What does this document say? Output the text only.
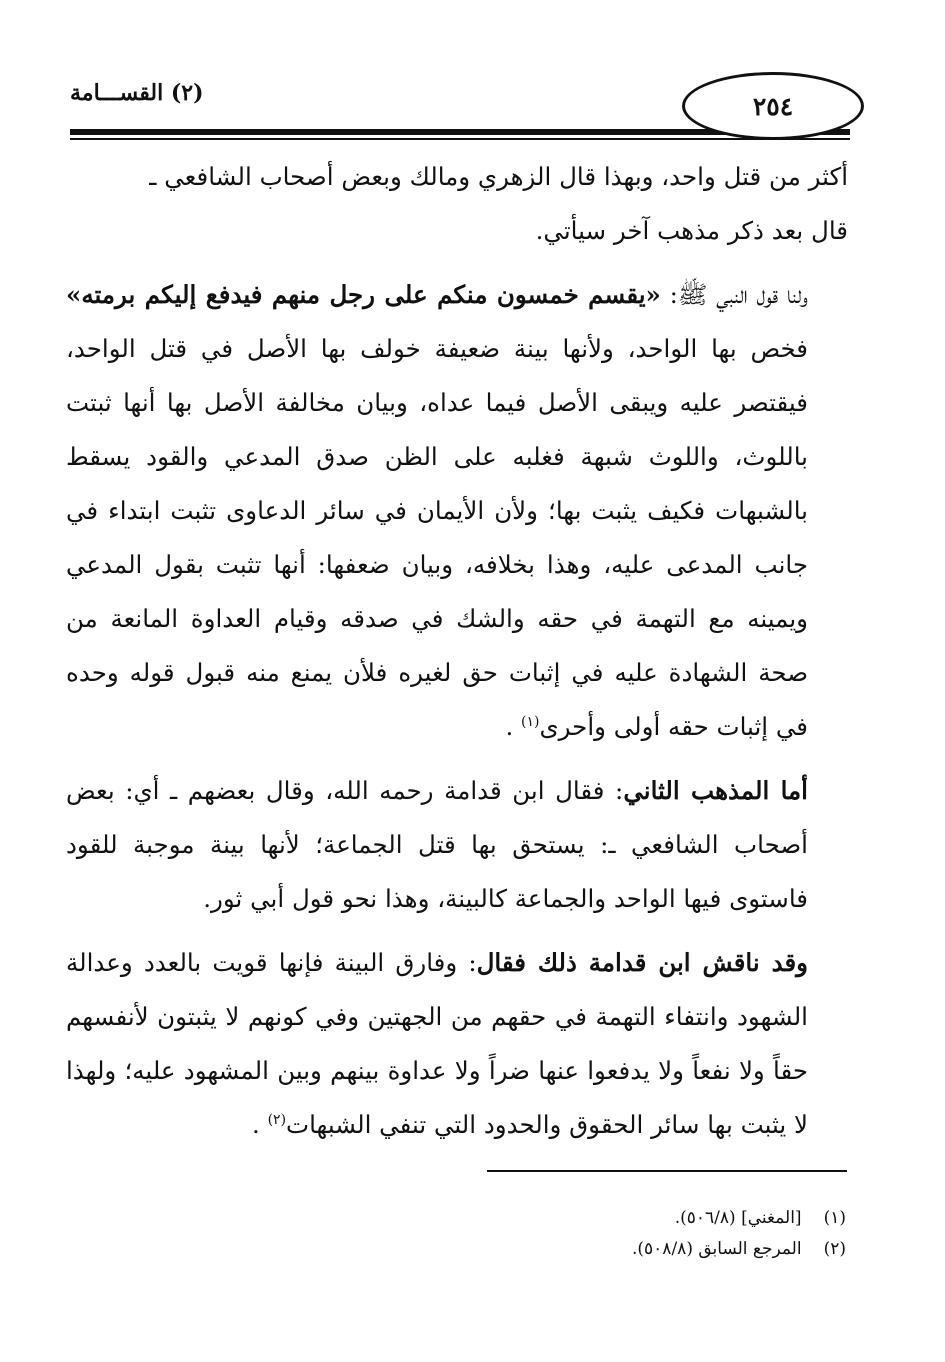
(٢) القســـامة	٢٥٤

أكثر من قتل واحد، وبهذا قال الزهري ومالك وبعض أصحاب الشافعي ـ

قال بعد ذكر مذهب آخر سيأتي.

ولنا قول النبي ﷺ: «يقسم خمسون منكم على رجل منهم فيدفع إليكم برمته» فخص بها الواحد، ولأنها بينة ضعيفة خولف بها الأصل في قتل الواحد، فيقتصر عليه ويبقى الأصل فيما عداه، وبيان مخالفة الأصل بها أنها ثبتت باللوث، واللوث شبهة فغلبه على الظن صدق المدعي والقود يسقط بالشبهات فكيف يثبت بها؛ ولأن الأيمان في سائر الدعاوى تثبت ابتداء في جانب المدعى عليه، وهذا بخلافه، وبيان ضعفها: أنها تثبت بقول المدعي ويمينه مع التهمة في حقه والشك في صدقه وقيام العداوة المانعة من صحة الشهادة عليه في إثبات حق لغيره فلأن يمنع منه قبول قوله وحده في إثبات حقه أولى وأحرى$^{(١)}$ .
أما المذهب الثاني: فقال ابن قدامة رحمه الله، وقال بعضهم ـ أي: بعض أصحاب الشافعي ـ: يستحق بها قتل الجماعة؛ لأنها بينة موجبة للقود فاستوى فيها الواحد والجماعة كالبينة، وهذا نحو قول أبي ثور.
وقد ناقش ابن قدامة ذلك فقال: وفارق البينة فإنها قويت بالعدد وعدالة الشهود وانتفاء التهمة في حقهم من الجهتين وفي كونهم لا يثبتون لأنفسهم حقاً ولا نفعاً ولا يدفعوا عنها ضراً ولا عداوة بينهم وبين المشهود عليه؛ ولهذا لا يثبت بها سائر الحقوق والحدود التي تنفي الشبهات$^{(٢)}$ .
(١)
[المغني] (٥٠٦/٨).
(٢)
المرجع السابق (٥٠٨/٨).
